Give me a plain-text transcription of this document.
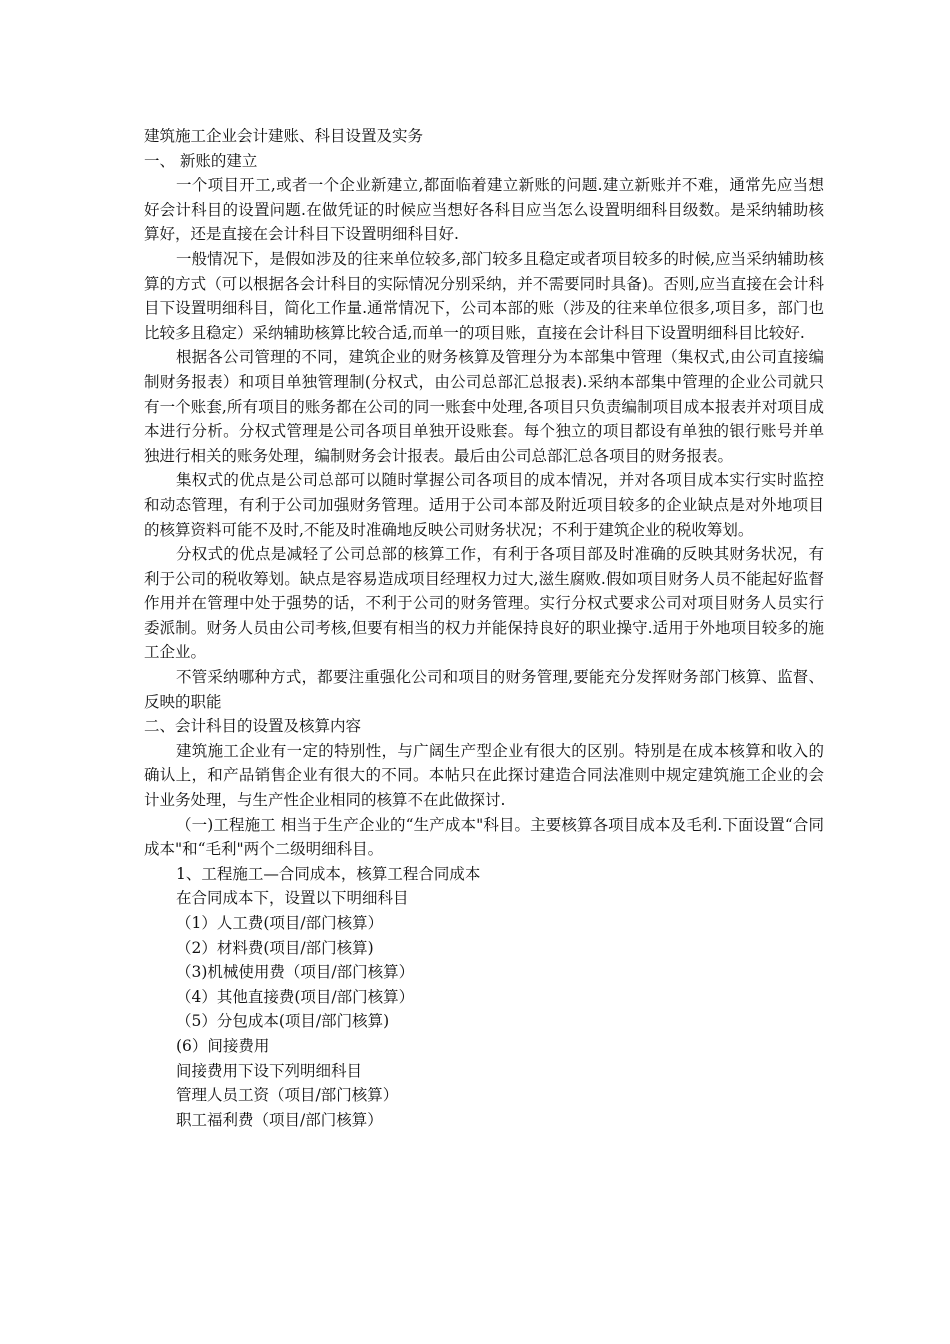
建筑施工企业会计建账、科目设置及实务
一、 新账的建立

一个项目开工,或者一个企业新建立,都面临着建立新账的问题.建立新账并不难，通常先应当想好会计科目的设置问题.在做凭证的时候应当想好各科目应当怎么设置明细科目级数。是采纳辅助核算好，还是直接在会计科目下设置明细科目好.

一般情况下，是假如涉及的往来单位较多,部门较多且稳定或者项目较多的时候,应当采纳辅助核算的方式（可以根据各会计科目的实际情况分别采纳，并不需要同时具备)。否则,应当直接在会计科目下设置明细科目，简化工作量.通常情况下，公司本部的账（涉及的往来单位很多,项目多，部门也比较多且稳定）采纳辅助核算比较合适,而单一的项目账，直接在会计科目下设置明细科目比较好.

根据各公司管理的不同，建筑企业的财务核算及管理分为本部集中管理（集权式,由公司直接编制财务报表）和项目单独管理制(分权式，由公司总部汇总报表).采纳本部集中管理的企业公司就只有一个账套,所有项目的账务都在公司的同一账套中处理,各项目只负责编制项目成本报表并对项目成本进行分析。分权式管理是公司各项目单独开设账套。每个独立的项目都设有单独的银行账号并单独进行相关的账务处理，编制财务会计报表。最后由公司总部汇总各项目的财务报表。

集权式的优点是公司总部可以随时掌握公司各项目的成本情况，并对各项目成本实行实时监控和动态管理，有利于公司加强财务管理。适用于公司本部及附近项目较多的企业缺点是对外地项目的核算资料可能不及时,不能及时准确地反映公司财务状况；不利于建筑企业的税收筹划。

分权式的优点是减轻了公司总部的核算工作，有利于各项目部及时准确的反映其财务状况，有利于公司的税收筹划。缺点是容易造成项目经理权力过大,滋生腐败.假如项目财务人员不能起好监督作用并在管理中处于强势的话，不利于公司的财务管理。实行分权式要求公司对项目财务人员实行委派制。财务人员由公司考核,但要有相当的权力并能保持良好的职业操守.适用于外地项目较多的施工企业。

不管采纳哪种方式，都要注重强化公司和项目的财务管理,要能充分发挥财务部门核算、监督、反映的职能

二、会计科目的设置及核算内容

建筑施工企业有一定的特别性，与广阔生产型企业有很大的区别。特别是在成本核算和收入的确认上，和产品销售企业有很大的不同。本帖只在此探讨建造合同法准则中规定建筑施工企业的会计业务处理，与生产性企业相同的核算不在此做探讨.

（一)工程施工 相当于生产企业的“生产成本"科目。主要核算各项目成本及毛利.下面设置“合同成本"和“毛利"两个二级明细科目。

1、工程施工—合同成本，核算工程合同成本
在合同成本下，设置以下明细科目
（1）人工费(项目/部门核算）
（2）材料费(项目/部门核算)
（3)机械使用费（项目/部门核算）
（4）其他直接费(项目/部门核算）
（5）分包成本(项目/部门核算)
(6）间接费用
间接费用下设下列明细科目
管理人员工资（项目/部门核算）
职工福利费（项目/部门核算）
